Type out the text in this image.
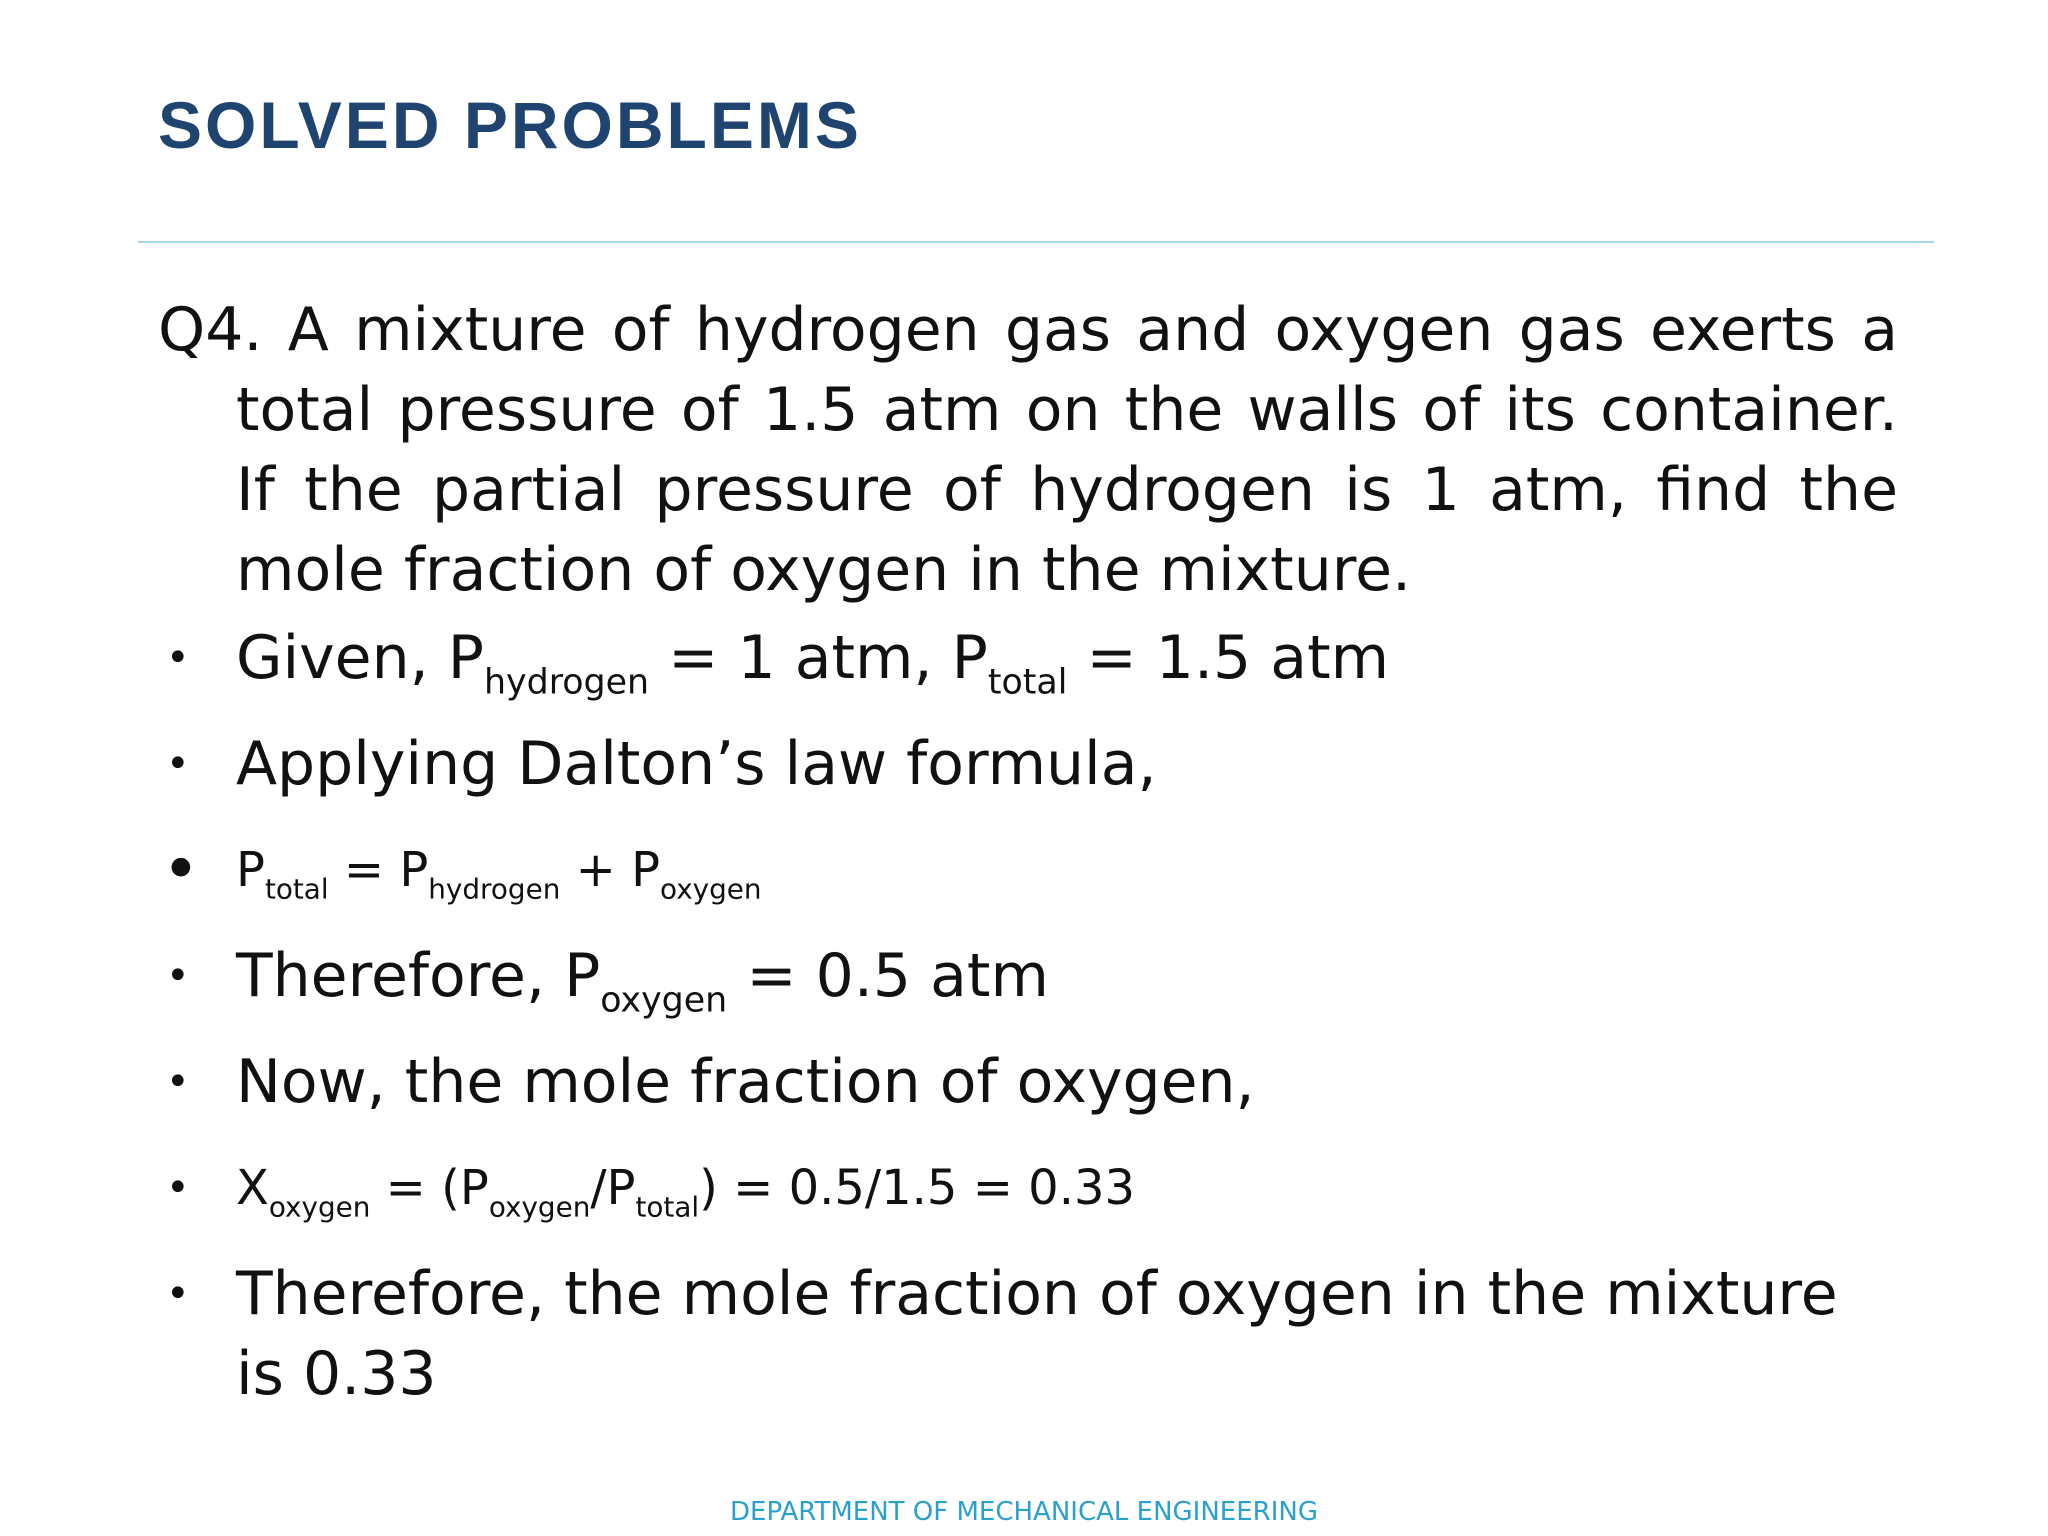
SOLVED PROBLEMS

Q4. A mixture of hydrogen gas and oxygen gas exerts a total pressure of 1.5 atm on the walls of its container. If the partial pressure of hydrogen is 1 atm, find the mole fraction of oxygen in the mixture.

• Given, $P_{hydrogen} = 1$ atm, $P_{total} = 1.5$ atm
• Applying Dalton’s law formula,
• $P_{total} = P_{hydrogen} + P_{oxygen}$
• Therefore, $P_{oxygen} = 0.5$ atm
• Now, the mole fraction of oxygen,
• $X_{oxygen} = (P_{oxygen}/P_{total}) = 0.5/1.5 = 0.33$
• Therefore, the mole fraction of oxygen in the mixture is 0.33
DEPARTMENT OF MECHANICAL ENGINEERING
